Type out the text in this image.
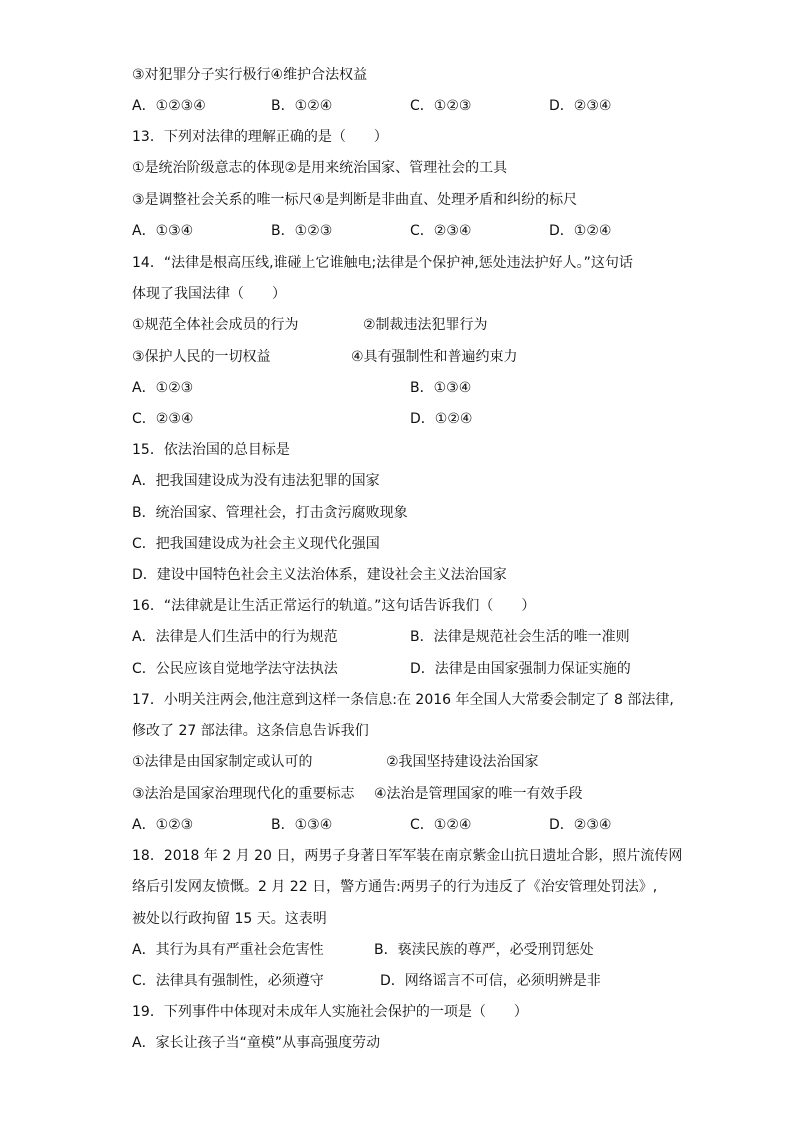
③对犯罪分子实行极行④维护合法权益
A．①②③④	B．①②④	C．①②③	D．②③④
13．下列对法律的理解正确的是（　　）
①是统治阶级意志的体现②是用来统治国家、管理社会的工具
③是调整社会关系的唯一标尺④是判断是非曲直、处理矛盾和纠纷的标尺
A．①③④	B．①②③	C．②③④	D．①②④
14．“法律是根高压线,谁碰上它谁触电;法律是个保护神,惩处违法护好人。”这句话
体现了我国法律（　　）
①规范全体社会成员的行为	②制裁违法犯罪行为
③保护人民的一切权益	④具有强制性和普遍约束力
A．①②③	B．①③④
C．②③④	D．①②④
15．依法治国的总目标是
A．把我国建设成为没有违法犯罪的国家
B．统治国家、管理社会，打击贪污腐败现象
C．把我国建设成为社会主义现代化强国
D．建设中国特色社会主义法治体系，建设社会主义法治国家
16．“法律就是让生活正常运行的轨道。”这句话告诉我们（　　）
A．法律是人们生活中的行为规范	B．法律是规范社会生活的唯一准则
C．公民应该自觉地学法守法执法	D．法律是由国家强制力保证实施的
17．小明关注两会,他注意到这样一条信息:在 2016 年全国人大常委会制定了 8 部法律,
修改了 27 部法律。这条信息告诉我们
①法律是由国家制定或认可的	②我国坚持建设法治国家
③法治是国家治理现代化的重要标志 ④法治是管理国家的唯一有效手段
A．①②③	B．①③④	C．①②④	D．②③④
18．2018 年 2 月 20 日，两男子身著日军军装在南京紫金山抗日遗址合影，照片流传网
络后引发网友愤慨。2 月 22 日，警方通告:两男子的行为违反了《治安管理处罚法》,
被处以行政拘留 15 天。这表明
A．其行为具有严重社会危害性	B．亵渎民族的尊严，必受刑罚惩处
C．法律具有强制性，必须遵守	D．网络谣言不可信，必须明辨是非
19．下列事件中体现对未成年人实施社会保护的一项是（　　）
A．家长让孩子当“童模”从事高强度劳动
